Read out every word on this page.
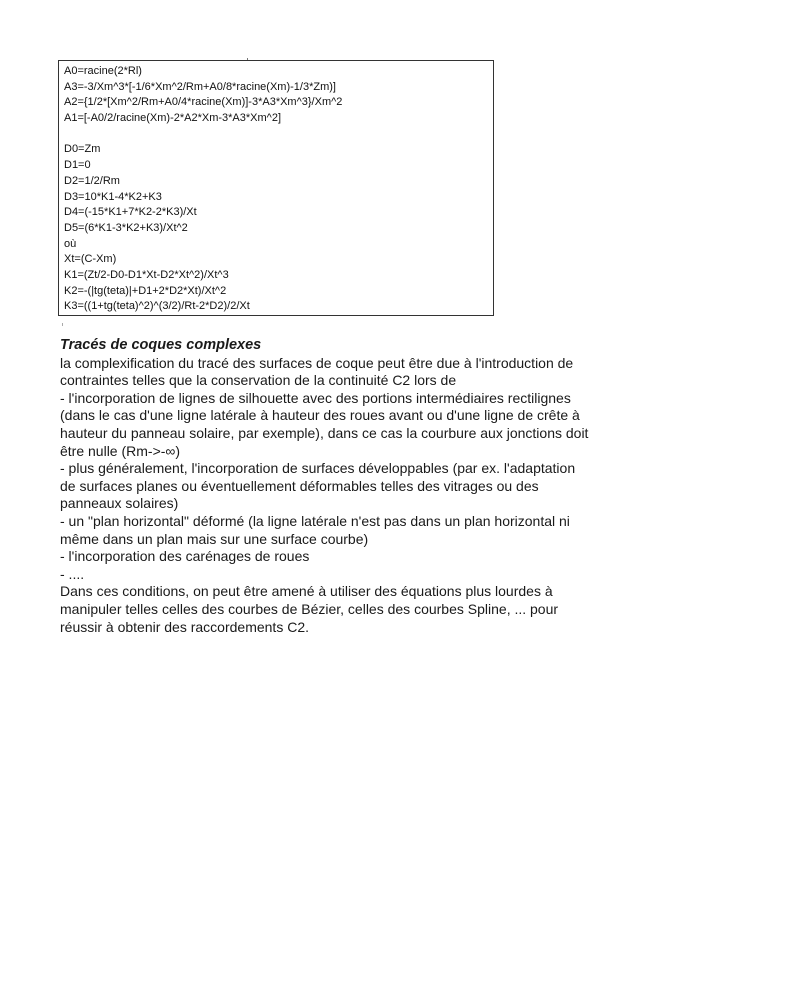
A0=racine(2*Rl)
A3=-3/Xm^3*[-1/6*Xm^2/Rm+A0/8*racine(Xm)-1/3*Zm)]
A2={1/2*[Xm^2/Rm+A0/4*racine(Xm)]-3*A3*Xm^3}/Xm^2
A1=[-A0/2/racine(Xm)-2*A2*Xm-3*A3*Xm^2]
D0=Zm
D1=0
D2=1/2/Rm
D3=10*K1-4*K2+K3
D4=(-15*K1+7*K2-2*K3)/Xt
D5=(6*K1-3*K2+K3)/Xt^2
où
Xt=(C-Xm)
K1=(Zt/2-D0-D1*Xt-D2*Xt^2)/Xt^3
K2=-(|tg(teta)|+D1+2*D2*Xt)/Xt^2
K3=((1+tg(teta)^2)^(3/2)/Rt-2*D2)/2/Xt
Tracés de coques complexes
la complexification du tracé des surfaces de coque peut être due à l'introduction de
contraintes telles que la conservation de la continuité C2 lors de
- l'incorporation de lignes de silhouette avec des portions intermédiaires rectilignes
(dans le cas d'une ligne latérale à hauteur des roues avant ou d'une ligne de crête à
hauteur du panneau solaire, par exemple), dans ce cas la courbure aux jonctions doit
être nulle (Rm->-∞)
- plus généralement, l'incorporation de surfaces développables (par ex. l'adaptation
de surfaces planes ou éventuellement déformables telles des vitrages ou des
panneaux solaires)
- un "plan horizontal" déformé (la ligne latérale n'est pas dans un plan horizontal ni
même dans un plan mais sur une surface courbe)
- l'incorporation des carénages de roues
- ....
Dans ces conditions, on peut être amené à utiliser des équations plus lourdes à
manipuler telles celles des courbes de Bézier, celles des courbes Spline, ... pour
réussir à obtenir des raccordements C2.
